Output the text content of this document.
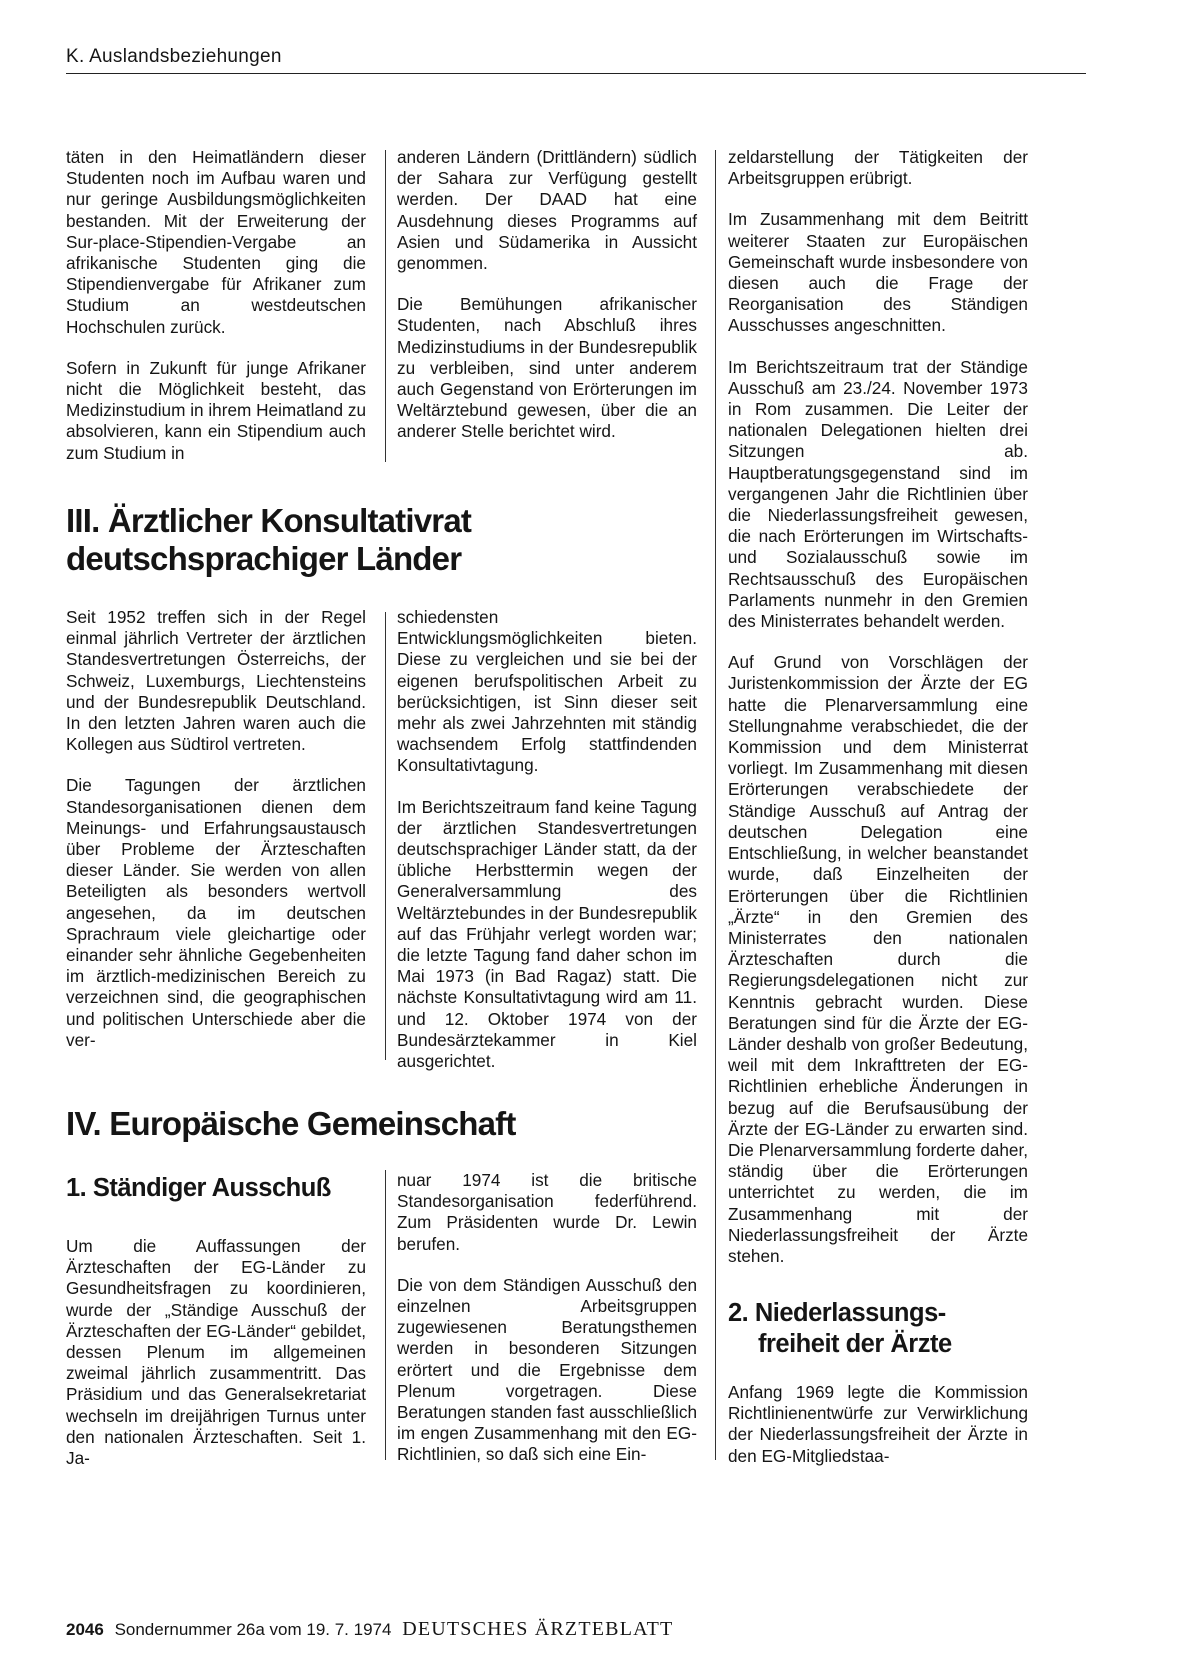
K. Auslandsbeziehungen

täten in den Heimatländern dieser Studenten noch im Aufbau waren und nur geringe Ausbildungsmöglichkeiten bestanden. Mit der Erweiterung der Sur-place-Stipendien-Vergabe an afrikanische Studenten ging die Stipendienvergabe für Afrikaner zum Studium an westdeutschen Hochschulen zurück.

Sofern in Zukunft für junge Afrikaner nicht die Möglichkeit besteht, das Medizinstudium in ihrem Heimatland zu absolvieren, kann ein Stipendium auch zum Studium in

anderen Ländern (Drittländern) südlich der Sahara zur Verfügung gestellt werden. Der DAAD hat eine Ausdehnung dieses Programms auf Asien und Südamerika in Aussicht genommen.

Die Bemühungen afrikanischer Studenten, nach Abschluß ihres Medizinstudiums in der Bundesrepublik zu verbleiben, sind unter anderem auch Gegenstand von Erörterungen im Weltärztebund gewesen, über die an anderer Stelle berichtet wird.

III. Ärztlicher Konsultativrat
deutschsprachiger Länder

Seit 1952 treffen sich in der Regel einmal jährlich Vertreter der ärztlichen Standesvertretungen Österreichs, der Schweiz, Luxemburgs, Liechtensteins und der Bundesrepublik Deutschland. In den letzten Jahren waren auch die Kollegen aus Südtirol vertreten.

Die Tagungen der ärztlichen Standesorganisationen dienen dem Meinungs- und Erfahrungsaustausch über Probleme der Ärzteschaften dieser Länder. Sie werden von allen Beteiligten als besonders wertvoll angesehen, da im deutschen Sprachraum viele gleichartige oder einander sehr ähnliche Gegebenheiten im ärztlich-medizinischen Bereich zu verzeichnen sind, die geographischen und politischen Unterschiede aber die ver-

schiedensten Entwicklungsmöglichkeiten bieten. Diese zu vergleichen und sie bei der eigenen berufspolitischen Arbeit zu berücksichtigen, ist Sinn dieser seit mehr als zwei Jahrzehnten mit ständig wachsendem Erfolg stattfindenden Konsultativtagung.

Im Berichtszeitraum fand keine Tagung der ärztlichen Standesvertretungen deutschsprachiger Länder statt, da der übliche Herbsttermin wegen der Generalversammlung des Weltärztebundes in der Bundesrepublik auf das Frühjahr verlegt worden war; die letzte Tagung fand daher schon im Mai 1973 (in Bad Ragaz) statt. Die nächste Konsultativtagung wird am 11. und 12. Oktober 1974 von der Bundesärztekammer in Kiel ausgerichtet.

IV. Europäische Gemeinschaft
1. Ständiger Ausschuß

Um die Auffassungen der Ärzteschaften der EG-Länder zu Gesundheitsfragen zu koordinieren, wurde der „Ständige Ausschuß der Ärzteschaften der EG-Länder“ gebildet, dessen Plenum im allgemeinen zweimal jährlich zusammentritt. Das Präsidium und das Generalsekretariat wechseln im dreijährigen Turnus unter den nationalen Ärzteschaften. Seit 1. Ja-

nuar 1974 ist die britische Standesorganisation federführend. Zum Präsidenten wurde Dr. Lewin berufen.

Die von dem Ständigen Ausschuß den einzelnen Arbeitsgruppen zugewiesenen Beratungsthemen werden in besonderen Sitzungen erörtert und die Ergebnisse dem Plenum vorgetragen. Diese Beratungen standen fast ausschließlich im engen Zusammenhang mit den EG-Richtlinien, so daß sich eine Ein-

zeldarstellung der Tätigkeiten der Arbeitsgruppen erübrigt.

Im Zusammenhang mit dem Beitritt weiterer Staaten zur Europäischen Gemeinschaft wurde insbesondere von diesen auch die Frage der Reorganisation des Ständigen Ausschusses angeschnitten.

Im Berichtszeitraum trat der Ständige Ausschuß am 23./24. November 1973 in Rom zusammen. Die Leiter der nationalen Delegationen hielten drei Sitzungen ab. Hauptberatungsgegenstand sind im vergangenen Jahr die Richtlinien über die Niederlassungsfreiheit gewesen, die nach Erörterungen im Wirtschafts- und Sozialausschuß sowie im Rechtsausschuß des Europäischen Parlaments nunmehr in den Gremien des Ministerrates behandelt werden.

Auf Grund von Vorschlägen der Juristenkommission der Ärzte der EG hatte die Plenarversammlung eine Stellungnahme verabschiedet, die der Kommission und dem Ministerrat vorliegt. Im Zusammenhang mit diesen Erörterungen verabschiedete der Ständige Ausschuß auf Antrag der deutschen Delegation eine Entschließung, in welcher beanstandet wurde, daß Einzelheiten der Erörterungen über die Richtlinien „Ärzte“ in den Gremien des Ministerrates den nationalen Ärzteschaften durch die Regierungsdelegationen nicht zur Kenntnis gebracht wurden. Diese Beratungen sind für die Ärzte der EG-Länder deshalb von großer Bedeutung, weil mit dem Inkrafttreten der EG-Richtlinien erhebliche Änderungen in bezug auf die Berufsausübung der Ärzte der EG-Länder zu erwarten sind. Die Plenarversammlung forderte daher, ständig über die Erörterungen unterrichtet zu werden, die im Zusammenhang mit der Niederlassungsfreiheit der Ärzte stehen.

2. Niederlassungs-
freiheit der Ärzte

Anfang 1969 legte die Kommission Richtlinienentwürfe zur Verwirklichung der Niederlassungsfreiheit der Ärzte in den EG-Mitgliedstaa-

2046 Sondernummer 26a vom 19. 7. 1974 DEUTSCHES ÄRZTEBLATT
